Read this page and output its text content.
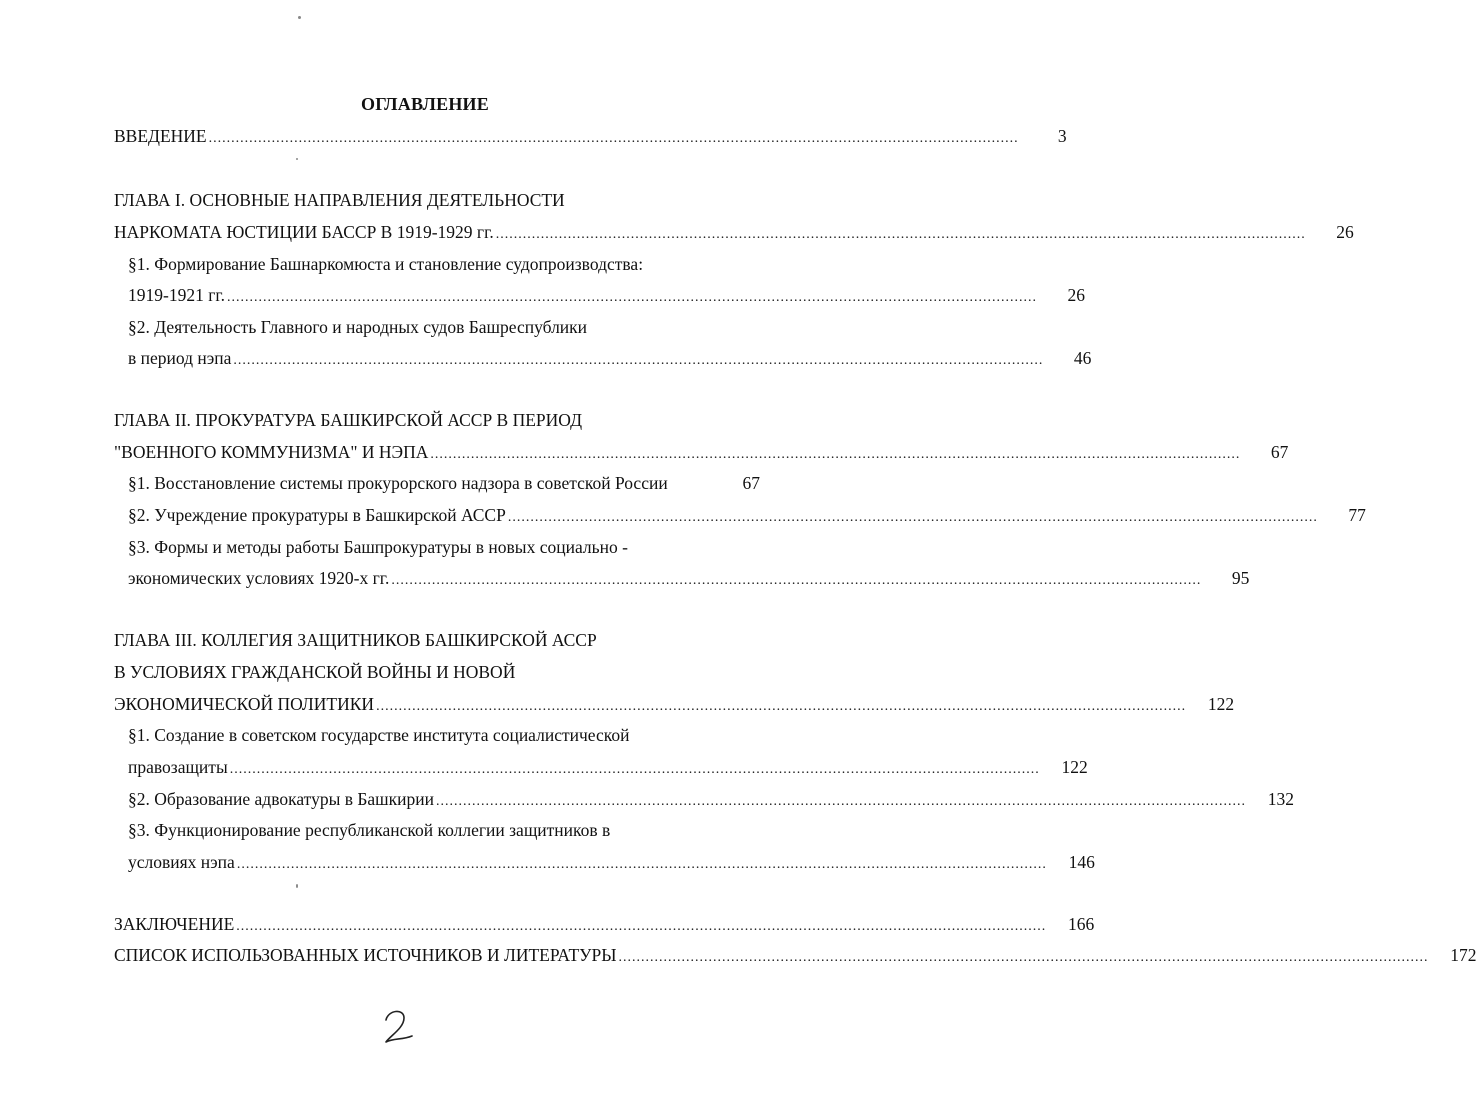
ОГЛАВЛЕНИЕ
ВВЕДЕНИЕ ....................................................................................................................................................................................	3
ГЛАВА I. ОСНОВНЫЕ НАПРАВЛЕНИЯ ДЕЯТЕЛЬНОСТИ
НАРКОМАТА ЮСТИЦИИ БАССР В 1919-1929 гг. ....................................................................................................................................................................................	26
§1. Формирование Башнаркомюста и становление судопроизводства:
1919-1921 гг. ....................................................................................................................................................................................	26
§2. Деятельность Главного и народных судов Башреспублики
в период нэпа ....................................................................................................................................................................................	46
ГЛАВА II. ПРОКУРАТУРА БАШКИРСКОЙ АССР В ПЕРИОД
"ВОЕННОГО КОММУНИЗМА" И НЭПА ....................................................................................................................................................................................	67
§1. Восстановление системы прокурорского надзора в советской России	67
§2. Учреждение прокуратуры в Башкирской АССР ....................................................................................................................................................................................	77
§3. Формы и методы работы Башпрокуратуры в новых социально -
экономических условиях 1920-х гг. ....................................................................................................................................................................................	95
ГЛАВА III. КОЛЛЕГИЯ ЗАЩИТНИКОВ БАШКИРСКОЙ АССР
В УСЛОВИЯХ ГРАЖДАНСКОЙ ВОЙНЫ И НОВОЙ
ЭКОНОМИЧЕСКОЙ ПОЛИТИКИ ....................................................................................................................................................................................	122
§1. Создание в советском государстве института социалистической
правозащиты ....................................................................................................................................................................................	122
§2. Образование адвокатуры в Башкирии ....................................................................................................................................................................................	132
§3. Функционирование республиканской коллегии защитников в
условиях нэпа ....................................................................................................................................................................................	146
ЗАКЛЮЧЕНИЕ ....................................................................................................................................................................................	166
СПИСОК ИСПОЛЬЗОВАННЫХ ИСТОЧНИКОВ И ЛИТЕРАТУРЫ ....................................................................................................................................................................................	172
